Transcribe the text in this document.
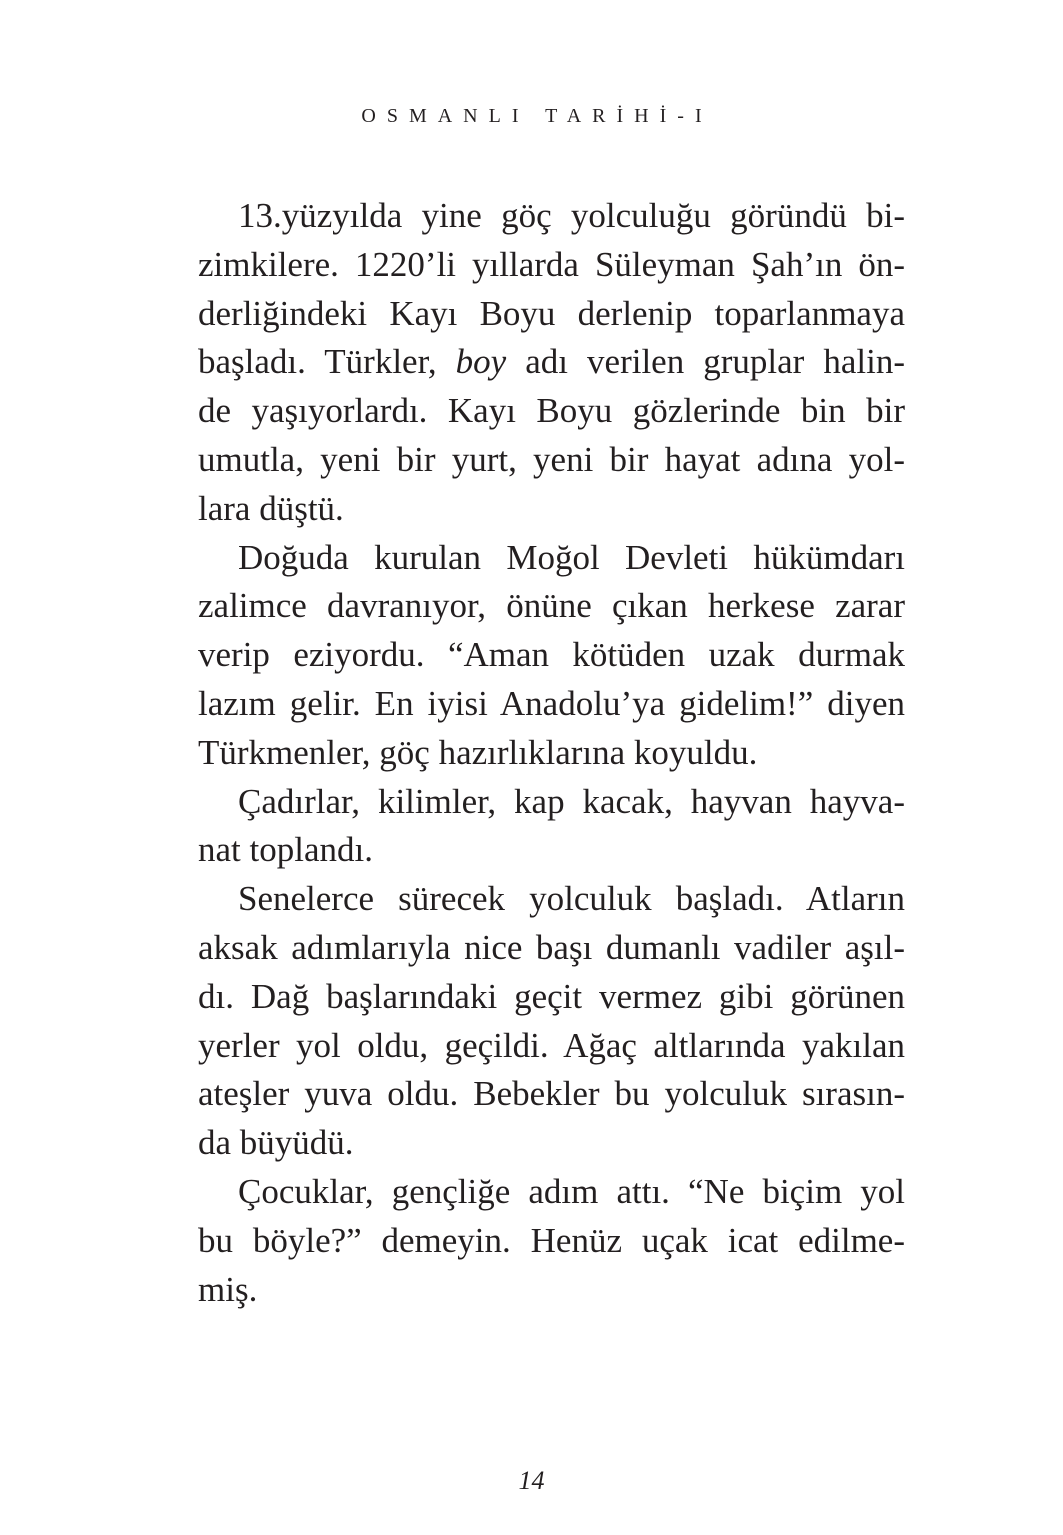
OSMANLI TARİHİ-I
13.yüzyılda yine göç yolculuğu göründü bi-
zimkilere. 1220’li yıllarda Süleyman Şah’ın ön-
derliğindeki Kayı Boyu derlenip toparlanmaya
başladı. Türkler, boy adı verilen gruplar halin-
de yaşıyorlardı. Kayı Boyu gözlerinde bin bir
umutla, yeni bir yurt, yeni bir hayat adına yol-
lara düştü.
Doğuda kurulan Moğol Devleti hükümdarı
zalimce davranıyor, önüne çıkan herkese zarar
verip eziyordu. “Aman kötüden uzak durmak
lazım gelir. En iyisi Anadolu’ya gidelim!” diyen
Türkmenler, göç hazırlıklarına koyuldu.
Çadırlar, kilimler, kap kacak, hayvan hayva-
nat toplandı.
Senelerce sürecek yolculuk başladı. Atların
aksak adımlarıyla nice başı dumanlı vadiler aşıl-
dı. Dağ başlarındaki geçit vermez gibi görünen
yerler yol oldu, geçildi. Ağaç altlarında yakılan
ateşler yuva oldu. Bebekler bu yolculuk sırasın-
da büyüdü.
Çocuklar, gençliğe adım attı. “Ne biçim yol
bu böyle?” demeyin. Henüz uçak icat edilme-
miş.
14
